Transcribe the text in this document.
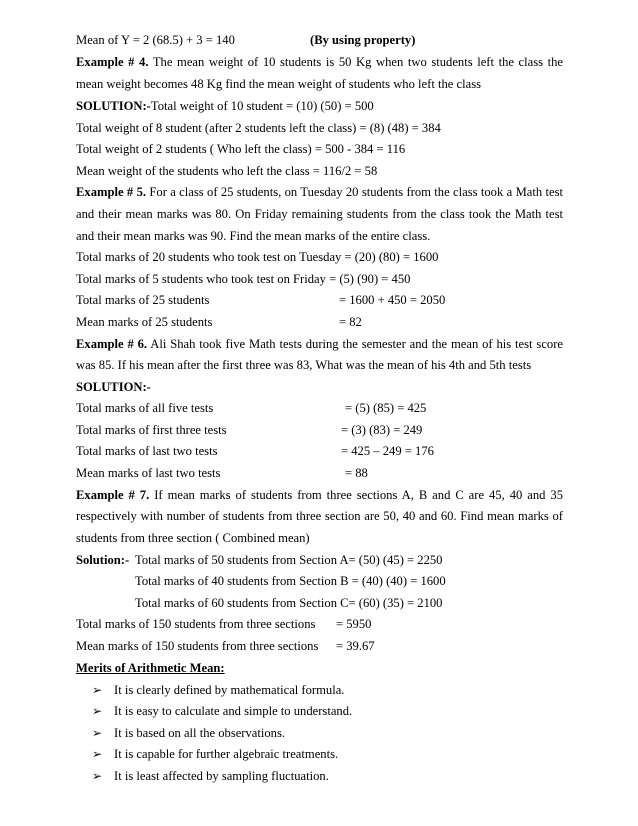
Mean of Y = 2 (68.5) + 3 = 140	(By using property)
Example # 4. The mean weight of 10 students is 50 Kg when two students left the class the
mean weight becomes 48 Kg find the mean weight of students who left the class
SOLUTION:-Total weight of 10 student = (10) (50) = 500
Total weight of 8 student (after 2 students left the class) = (8) (48) = 384
Total weight of 2 students ( Who left the class) = 500 - 384 = 116
Mean weight of the students who left the class = 116/2 = 58
Example # 5. For a class of 25 students, on Tuesday 20 students from the class took a Math test
and their mean marks was 80. On Friday remaining students from the class took the Math test
and their mean marks was 90. Find the mean marks of the entire class.
Total marks of 20 students who took test on Tuesday = (20) (80) = 1600
Total marks of 5 students who took test on Friday = (5) (90) = 450
Total marks of 25 students	= 1600 + 450 = 2050
Mean marks of 25 students	= 82
Example # 6. Ali Shah took five Math tests during the semester and the mean of his test score
was 85. If his mean after the first three was 83, What was the mean of his 4th and 5th tests
SOLUTION:-
Total marks of all five tests	= (5) (85) = 425
Total marks of first three tests	= (3) (83) = 249
Total marks of last two tests	= 425 – 249 = 176
Mean marks of last two tests	= 88
Example # 7. If mean marks of students from three sections A, B and C are 45, 40 and 35
respectively with number of students from three section are 50, 40 and 60. Find mean marks of
students from three section ( Combined mean)
Solution:- Total marks of 50 students from Section A= (50) (45) = 2250
Total marks of 40 students from Section B = (40) (40) = 1600
Total marks of 60 students from Section C= (60) (35) = 2100
Total marks of 150 students from three sections = 5950
Mean marks of 150 students from three sections = 39.67
Merits of Arithmetic Mean:
➢ It is clearly defined by mathematical formula.
➢ It is easy to calculate and simple to understand.
➢ It is based on all the observations.
➢ It is capable for further algebraic treatments.
➢ It is least affected by sampling fluctuation.
